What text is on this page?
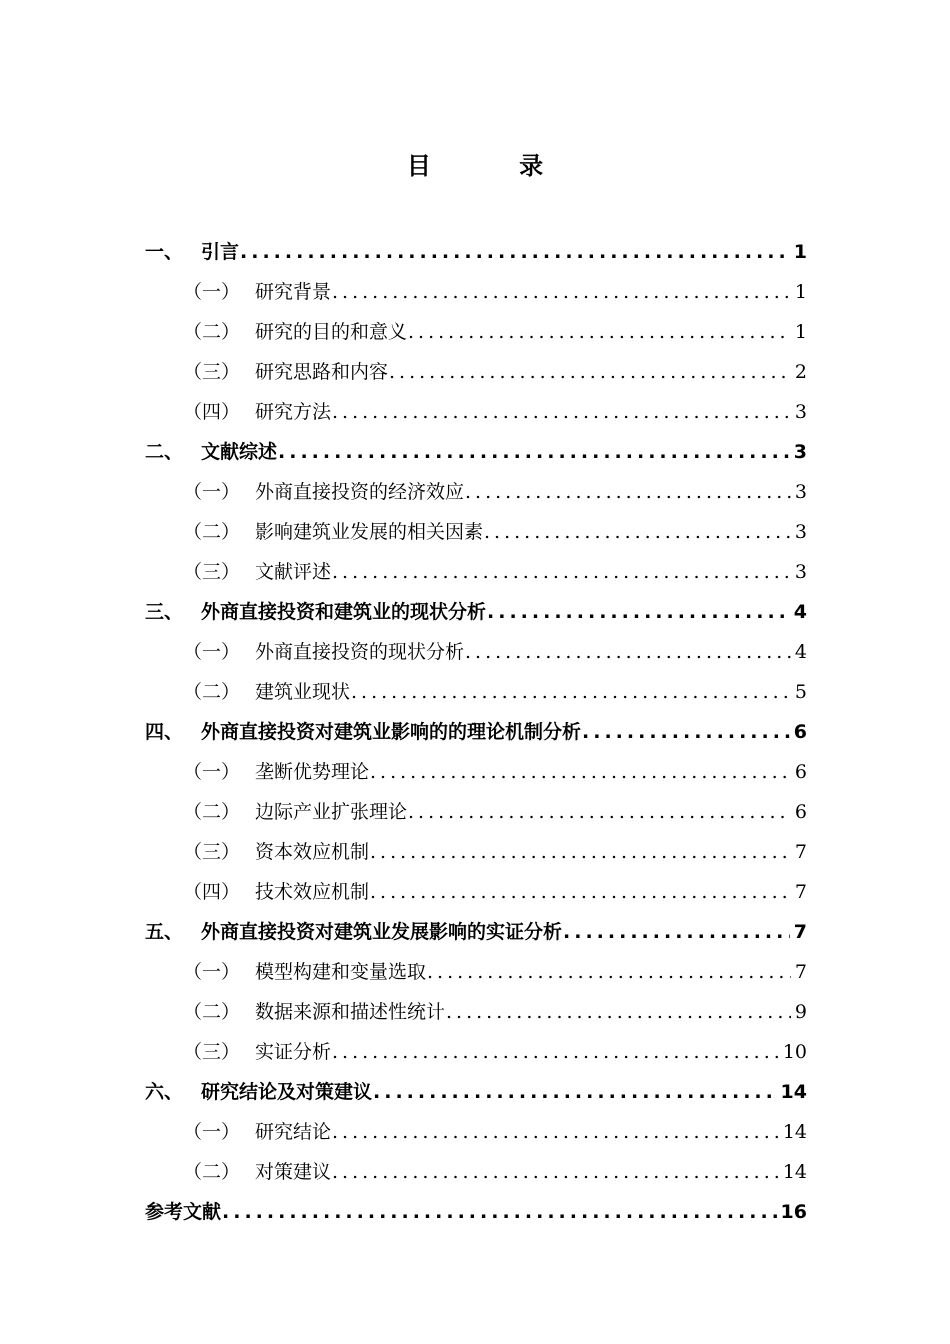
目 录
一、 引言 .....	1
（一） 研究背景 .....	1
（二） 研究的目的和意义 .....	1
（三） 研究思路和内容 .....	2
（四） 研究方法 .....	3
二、 文献综述 .....	3
（一） 外商直接投资的经济效应 .....	3
（二） 影响建筑业发展的相关因素 .....	3
（三） 文献评述 .....	3
三、 外商直接投资和建筑业的现状分析 .....	4
（一） 外商直接投资的现状分析 .....	4
（二） 建筑业现状 .....	5
四、 外商直接投资对建筑业影响的的理论机制分析 .....	6
（一） 垄断优势理论 .....	6
（二） 边际产业扩张理论 .....	6
（三） 资本效应机制 .....	7
（四） 技术效应机制 .....	7
五、 外商直接投资对建筑业发展影响的实证分析 .....	7
（一） 模型构建和变量选取 .....	7
（二） 数据来源和描述性统计 .....	9
（三） 实证分析 .....	10
六、 研究结论及对策建议 .....	14
（一） 研究结论 .....	14
（二） 对策建议 .....	14
参考文献 .....	16
